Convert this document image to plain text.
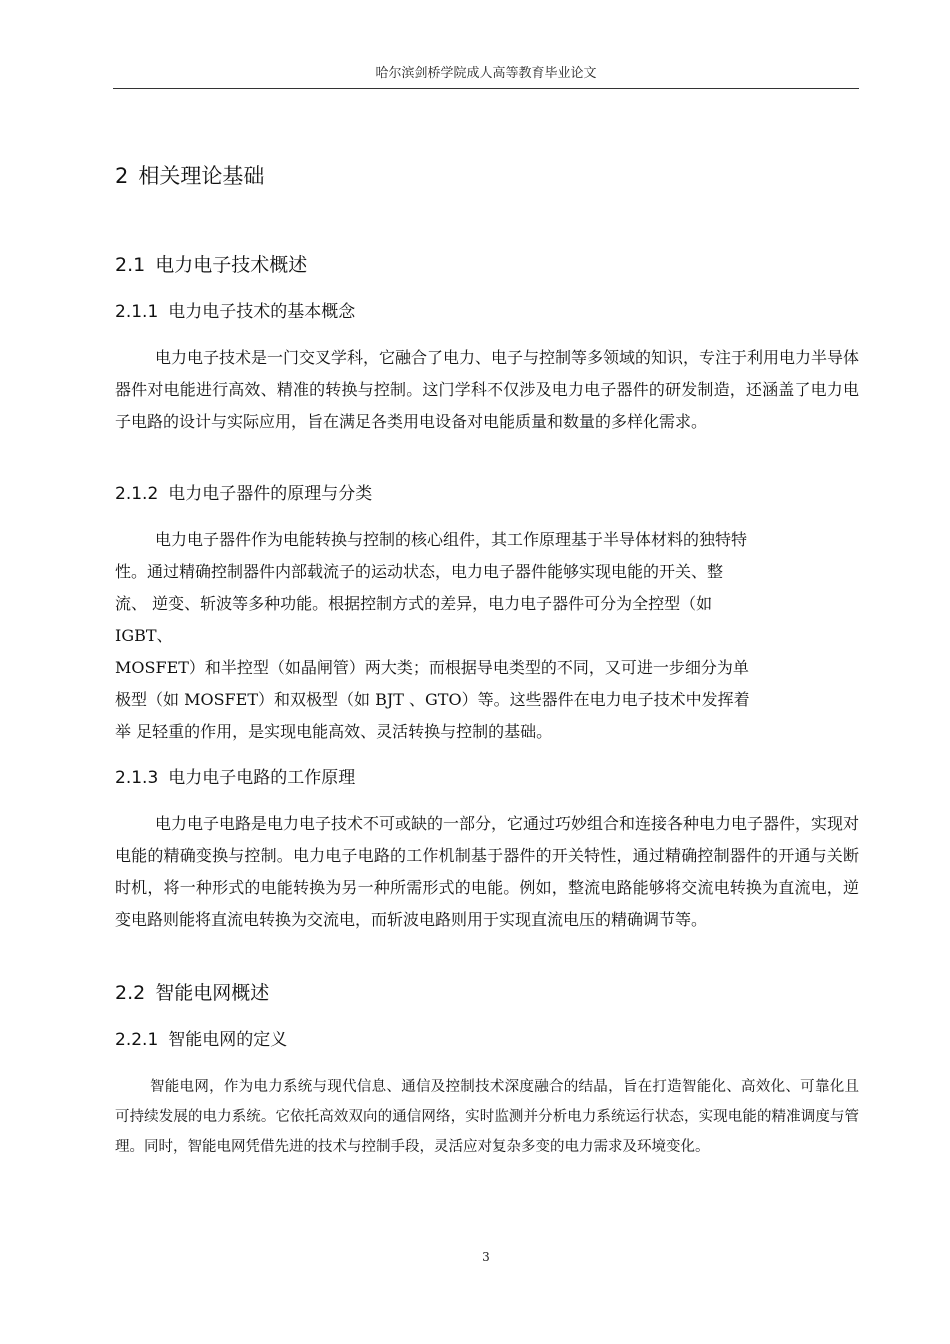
哈尔滨剑桥学院成人高等教育毕业论文
2 相关理论基础
2.1 电力电子技术概述
2.1.1 电力电子技术的基本概念

电力电子技术是一门交叉学科，它融合了电力、电子与控制等多领域的知识，专注于利用电力半导体器件对电能进行高效、精准的转换与控制。这门学科不仅涉及电力电子器件的研发制造，还涵盖了电力电子电路的设计与实际应用，旨在满足各类用电设备对电能质量和数量的多样化需求。

2.1.2 电力电子器件的原理与分类
电力电子器件作为电能转换与控制的核心组件，其工作原理基于半导体材料的独特特
性。通过精确控制器件内部载流子的运动状态，电力电子器件能够实现电能的开关、整
流、 逆变、斩波等多种功能。根据控制方式的差异，电力电子器件可分为全控型（如
IGBT、
MOSFET）和半控型（如晶闸管）两大类；而根据导电类型的不同，又可进一步细分为单
极型（如 MOSFET）和双极型（如 BJT 、GTO）等。这些器件在电力电子技术中发挥着
举 足轻重的作用，是实现电能高效、灵活转换与控制的基础。
2.1.3 电力电子电路的工作原理

电力电子电路是电力电子技术不可或缺的一部分，它通过巧妙组合和连接各种电力电子器件，实现对电能的精确变换与控制。电力电子电路的工作机制基于器件的开关特性，通过精确控制器件的开通与关断时机，将一种形式的电能转换为另一种所需形式的电能。例如，整流电路能够将交流电转换为直流电，逆变电路则能将直流电转换为交流电，而斩波电路则用于实现直流电压的精确调节等。

2.2 智能电网概述
2.2.1 智能电网的定义

智能电网，作为电力系统与现代信息、通信及控制技术深度融合的结晶，旨在打造智能化、高效化、可靠化且可持续发展的电力系统。它依托高效双向的通信网络，实时监测并分析电力系统运行状态，实现电能的精准调度与管理。同时，智能电网凭借先进的技术与控制手段，灵活应对复杂多变的电力需求及环境变化。

3
